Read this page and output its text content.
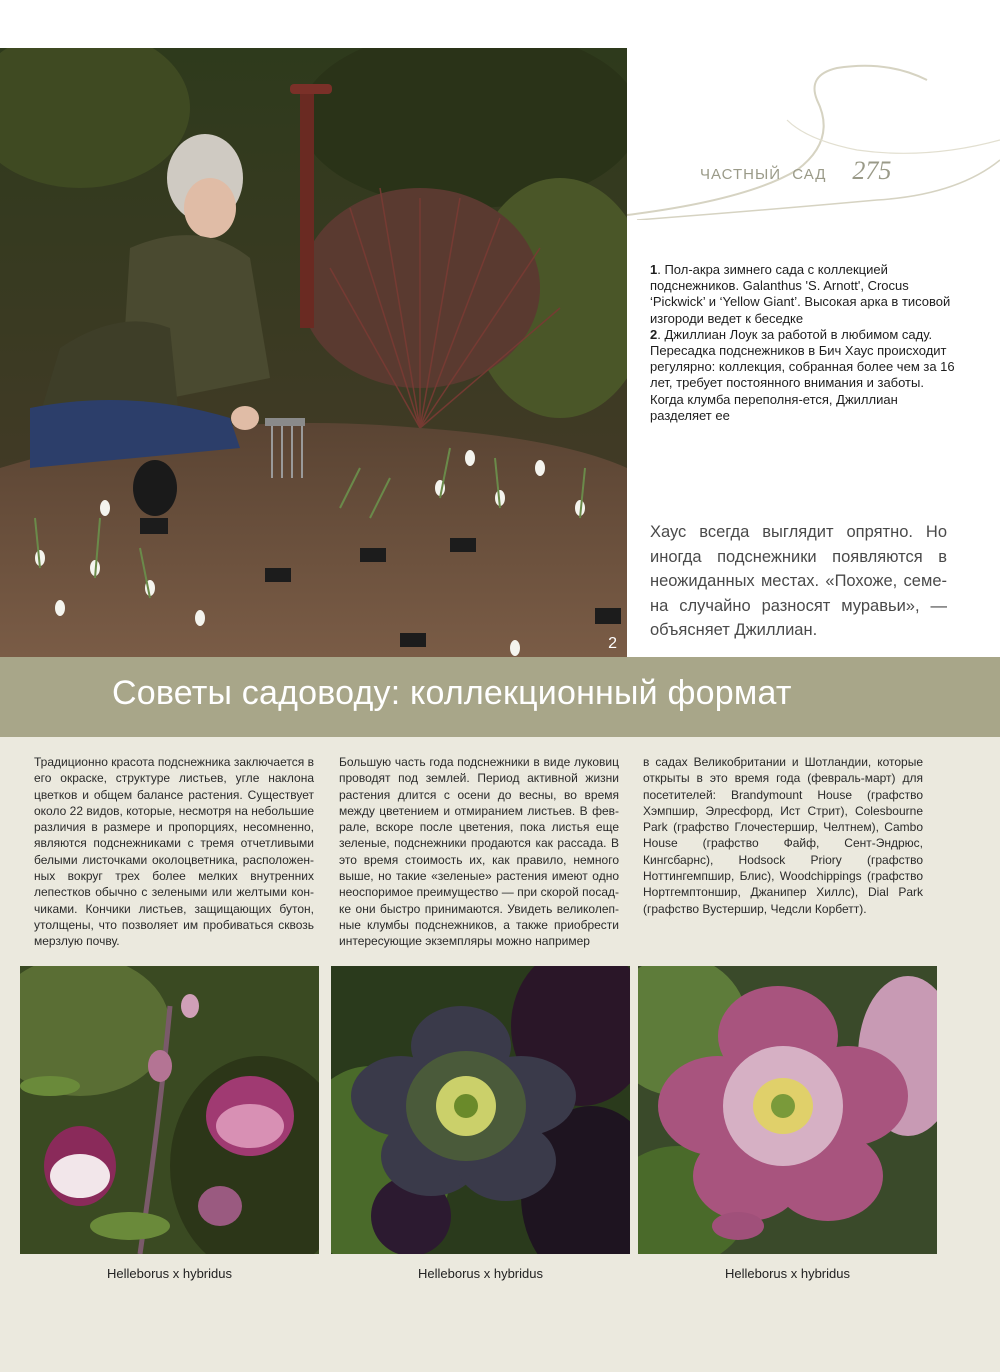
2
ЧАСТНЫЙ САД 275

1. Пол-акра зимнего сада с коллекцией подснежников. Galanthus 'S. Arnott', Crocus ‘Pickwick’ и ‘Yellow Giant’. Высокая арка в тисовой изгороди ведет к беседке

2. Джиллиан Лоук за работой в любимом саду. Пересадка подснежников в Бич Хаус происходит регулярно: коллекция, собранная более чем за 16 лет, требует постоянного внимания и заботы. Когда клумба переполня-ется, Джиллиан разделяет ее

Хаус всегда выглядит опрятно. Но иногда подснежники появляются в неожиданных местах. «Похоже, семе-на случайно разносят муравьи», — объясняет Джиллиан.
Советы садоводу: коллекционный формат
Традиционно красота подснежника заключается в его окраске, структуре листьев, угле наклона цветков и общем балансе растения. Существует около 22 видов, которые, несмотря на небольшие различия в размере и пропорциях, несомненно, являются подснежниками с тремя отчетливыми белыми листочками околоцветника, расположен-ных вокруг трех более мелких внутренних лепестков обычно с зелеными или желтыми кон-чиками. Кончики листьев, защищающих бутон, утолщены, что позволяет им пробиваться сквозь мерзлую почву.
Большую часть года подснежники в виде луковиц проводят под землей. Период активной жизни растения длится с осени до весны, во время между цветением и отмиранием листьев. В фев-рале, вскоре после цветения, пока листья еще зеленые, подснежники продаются как рассада. В это время стоимость их, как правило, немного выше, но такие «зеленые» растения имеют одно неоспоримое преимущество — при скорой посад-ке они быстро принимаются. Увидеть великолеп-ные клумбы подснежников, а также приобрести интересующие экземпляры можно например
в садах Великобритании и Шотландии, которые открыты в это время года (февраль-март) для посетителей: Brandymount House (графство Хэмпшир, Элресфорд, Ист Стрит), Colesbourne Park (графство Глочестершир, Челтнем), Cambo House (графство Файф, Сент-Эндрюс, Кингсбарнс), Hodsock Priory (графство Ноттингемпшир, Блис), Woodchippings (графство Нортгемптоншир, Джанипер Хиллс), Dial Park (графство Вустершир, Чедсли Корбетт).
Helleborus x hybridus	Helleborus x hybridus	Helleborus x hybridus
